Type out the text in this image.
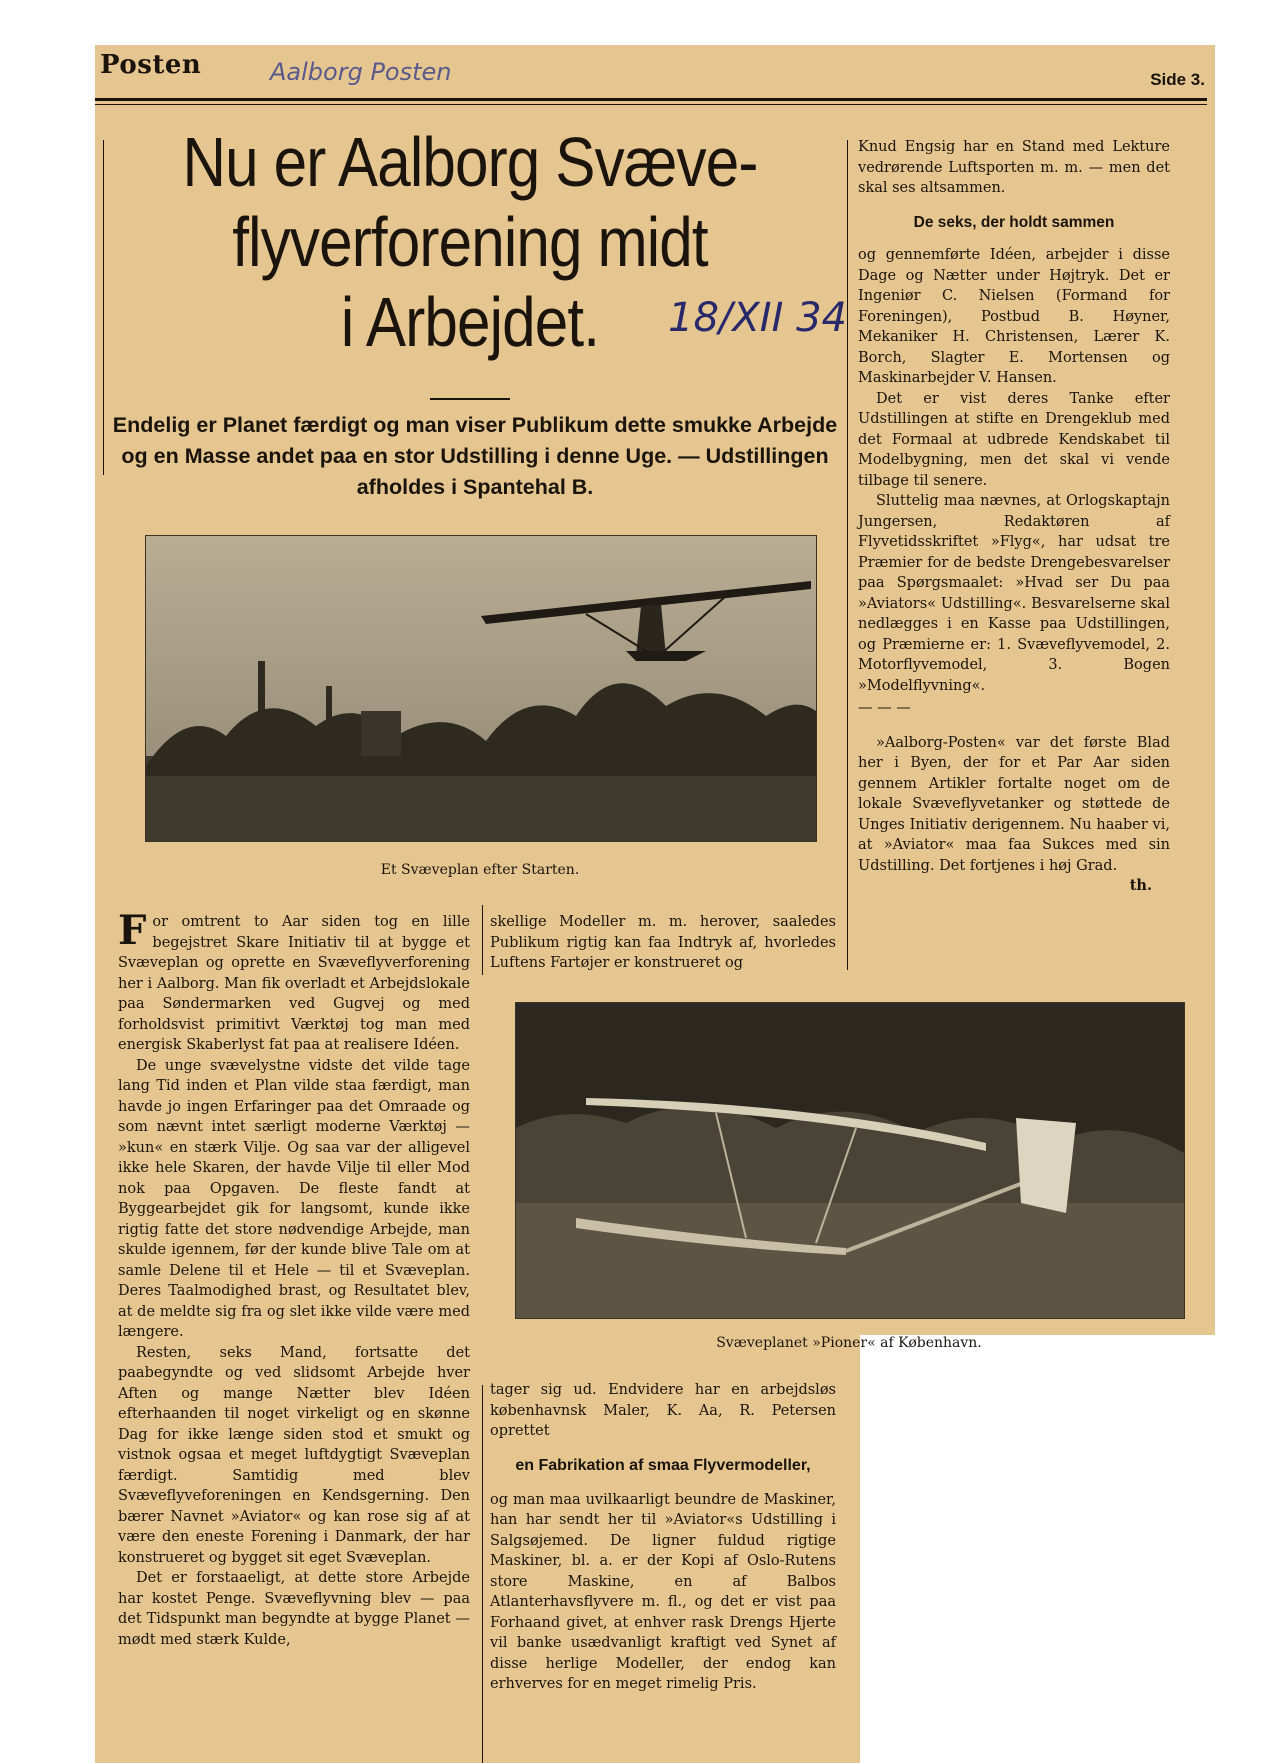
Posten	Aalborg Posten	Side 3.
Nu er Aalborg Svæve-
flyverforening midt
i Arbejdet.	18/XII 34
Endelig er Planet færdigt og man viser Publikum dette smukke Arbejde og en Masse andet paa en stor Udstilling i denne Uge. — Udstillingen afholdes i Spantehal B.
Et Svæveplan efter Starten.

For omtrent to Aar siden tog en lille begejstret Skare Initiativ til at bygge et Svæveplan og oprette en Svæveflyverforening her i Aalborg. Man fik overladt et Arbejdslokale paa Søndermarken ved Gugvej og med forholdsvist primitivt Værktøj tog man med energisk Skaberlyst fat paa at realisere Idéen.

De unge svævelystne vidste det vilde tage lang Tid inden et Plan vilde staa færdigt, man havde jo ingen Erfaringer paa det Omraade og som nævnt intet særligt moderne Værktøj — »kun« en stærk Vilje. Og saa var der alligevel ikke hele Skaren, der havde Vilje til eller Mod nok paa Opgaven. De fleste fandt at Byggearbejdet gik for langsomt, kunde ikke rigtig fatte det store nødvendige Arbejde, man skulde igennem, før der kunde blive Tale om at samle Delene til et Hele — til et Svæveplan. Deres Taalmodighed brast, og Resultatet blev, at de meldte sig fra og slet ikke vilde være med længere.

Resten, seks Mand, fortsatte det paabegyndte og ved slidsomt Arbejde hver Aften og mange Nætter blev Idéen efterhaanden til noget virkeligt og en skønne Dag for ikke længe siden stod et smukt og vistnok ogsaa et meget luftdygtigt Svæveplan færdigt. Samtidig med blev Svæveflyveforeningen en Kendsgerning. Den bærer Navnet »Aviator« og kan rose sig af at være den eneste Forening i Danmark, der har konstrueret og bygget sit eget Svæveplan.

Det er forstaaeligt, at dette store Arbejde har kostet Penge. Svæveflyvning blev — paa det Tidspunkt man begyndte at bygge Planet — mødt med stærk Kulde,

skellige Modeller m. m. herover, saaledes Publikum rigtig kan faa Indtryk af, hvorledes Luftens Fartøjer er konstrueret og

Svæveplanet »Pioner« af København.

tager sig ud. Endvidere har en arbejdsløs københavnsk Maler, K. Aa, R. Petersen oprettet

en Fabrikation af smaa Flyvermodeller,

og man maa uvilkaarligt beundre de Maskiner, han har sendt her til »Aviator«s Udstilling i Salgsøjemed. De ligner fuldud rigtige Maskiner, bl. a. er der Kopi af Oslo-Rutens store Maskine, en af Balbos Atlanterhavsflyvere m. fl., og det er vist paa Forhaand givet, at enhver rask Drengs Hjerte vil banke usædvanligt kraftigt ved Synet af disse herlige Modeller, der endog kan erhverves for en meget rimelig Pris.

Knud Engsig har en Stand med Lekture vedrørende Luftsporten m. m. — men det skal ses altsammen.

De seks, der holdt sammen

og gennemførte Idéen, arbejder i disse Dage og Nætter under Højtryk. Det er Ingeniør C. Nielsen (Formand for Foreningen), Postbud B. Høyner, Mekaniker H. Christensen, Lærer K. Borch, Slagter E. Mortensen og Maskinarbejder V. Hansen.

Det er vist deres Tanke efter Udstillingen at stifte en Drengeklub med det Formaal at udbrede Kendskabet til Modelbygning, men det skal vi vende tilbage til senere.

Sluttelig maa nævnes, at Orlogskaptajn Jungersen, Redaktøren af Flyvetidsskriftet »Flyg«, har udsat tre Præmier for de bedste Drengebesvarelser paa Spørgsmaalet: »Hvad ser Du paa »Aviators« Udstilling«. Besvarelserne skal nedlægges i en Kasse paa Udstillingen, og Præmierne er: 1. Svæveflyvemodel, 2. Motorflyvemodel, 3. Bogen »Modelflyvning«.

— — —

»Aalborg-Posten« var det første Blad her i Byen, der for et Par Aar siden gennem Artikler fortalte noget om de lokale Svæveflyvetanker og støttede de Unges Initiativ derigennem. Nu haaber vi, at »Aviator« maa faa Sukces med sin Udstilling. Det fortjenes i høj Grad.

th.
